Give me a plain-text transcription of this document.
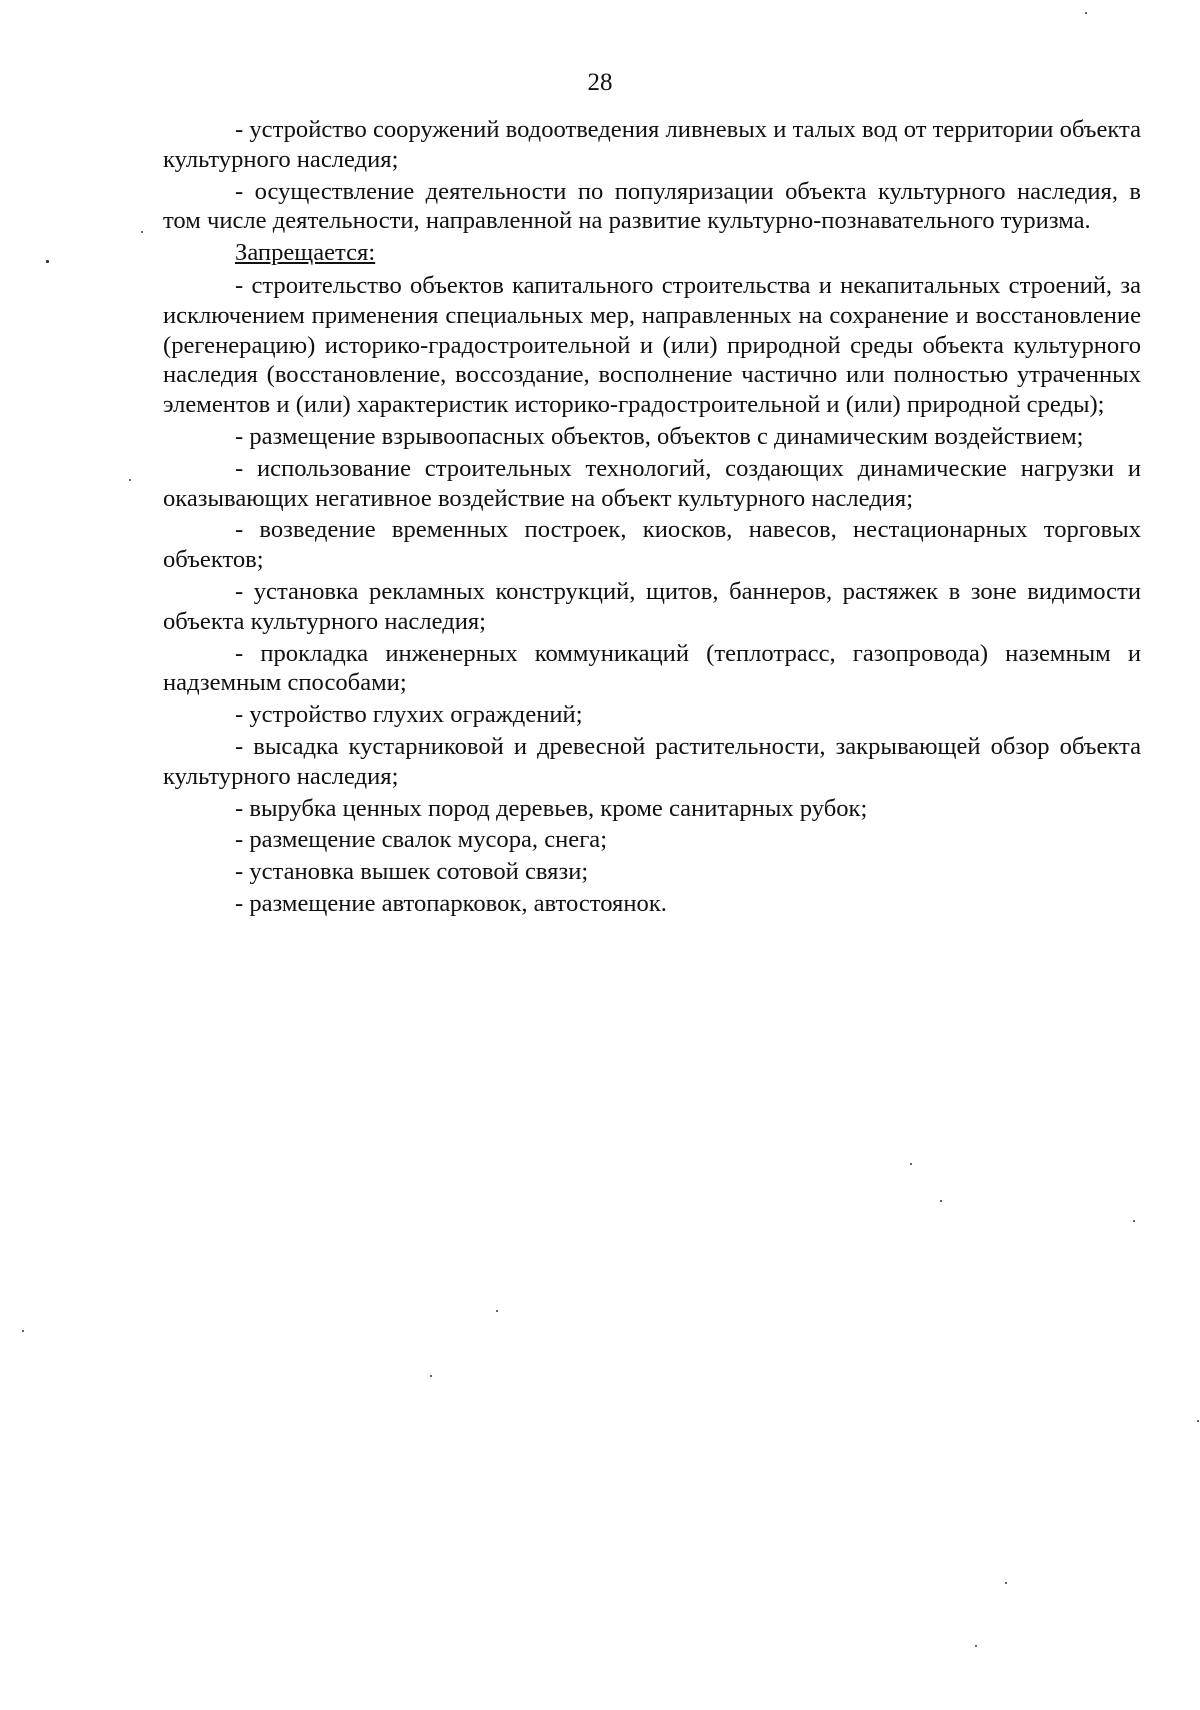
28

- устройство сооружений водоотведения ливневых и талых вод от территории объекта культурного наследия;

- осуществление деятельности по популяризации объекта культурного наследия, в том числе деятельности, направленной на развитие культурно-познавательного туризма.

Запрещается:

- строительство объектов капитального строительства и некапитальных строений, за исключением применения специальных мер, направленных на сохранение и восстановление (регенерацию) историко-градостроительной и (или) природной среды объекта культурного наследия (восстановление, воссоздание, восполнение частично или полностью утраченных элементов и (или) характеристик историко-градостроительной и (или) природной среды);

- размещение взрывоопасных объектов, объектов с динамическим воздействием;

- использование строительных технологий, создающих динамические нагрузки и оказывающих негативное воздействие на объект культурного наследия;

- возведение временных построек, киосков, навесов, нестационарных торговых объектов;

- установка рекламных конструкций, щитов, баннеров, растяжек в зоне видимости объекта культурного наследия;

- прокладка инженерных коммуникаций (теплотрасс, газопровода) наземным и надземным способами;

- устройство глухих ограждений;

- высадка кустарниковой и древесной растительности, закрывающей обзор объекта культурного наследия;

- вырубка ценных пород деревьев, кроме санитарных рубок;

- размещение свалок мусора, снега;

- установка вышек сотовой связи;

- размещение автопарковок, автостоянок.
